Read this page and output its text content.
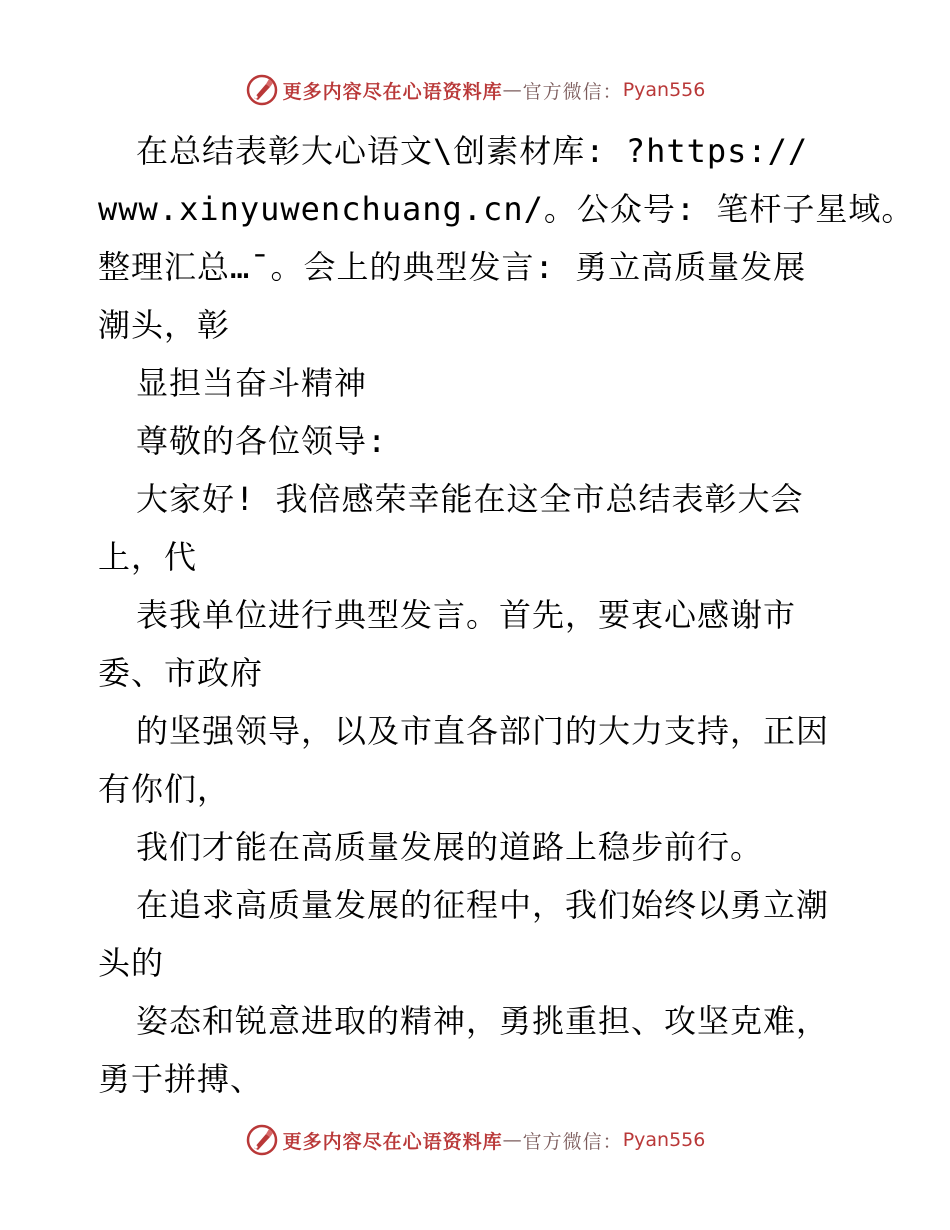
更多内容尽在心语资料库 — 官方微信： Pyan556
在总结表彰大心语文\创素材库: ?https://
www.xinyuwenchuang.cn/。公众号: 笔杆子星域。
整理汇总…¯。会上的典型发言: 勇立高质量发展
潮头，彰
显担当奋斗精神
尊敬的各位领导:
大家好! 我倍感荣幸能在这全市总结表彰大会
上，代
表我单位进行典型发言。首先，要衷心感谢市
委、市政府
的坚强领导，以及市直各部门的大力支持，正因
有你们，
我们才能在高质量发展的道路上稳步前行。
在追求高质量发展的征程中，我们始终以勇立潮
头的
姿态和锐意进取的精神，勇挑重担、攻坚克难，
勇于拼搏、
更多内容尽在心语资料库 — 官方微信： Pyan556
